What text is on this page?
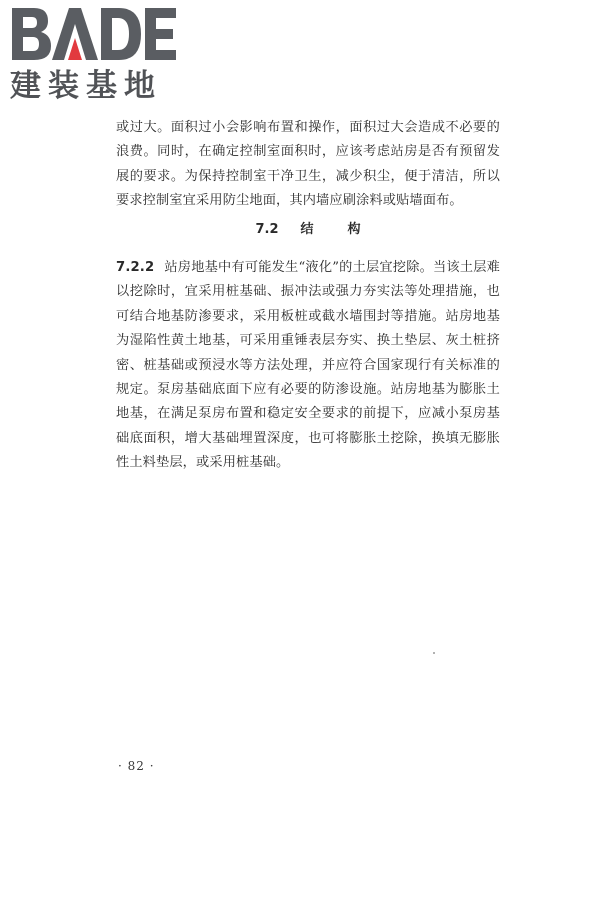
建装基地

或过大。面积过小会影响布置和操作，面积过大会造成不必要的浪费。同时，在确定控制室面积时，应该考虑站房是否有预留发展的要求。为保持控制室干净卫生，减少积尘，便于清洁，所以要求控制室宜采用防尘地面，其内墙应刷涂料或贴墙面布。

7.2 结	构

7.2.2 站房地基中有可能发生“液化”的土层宜挖除。当该土层难以挖除时，宜采用桩基础、振冲法或强力夯实法等处理措施，也可结合地基防渗要求，采用板桩或截水墙围封等措施。站房地基为湿陷性黄土地基，可采用重锤表层夯实、换土垫层、灰土桩挤密、桩基础或预浸水等方法处理，并应符合国家现行有关标准的规定。泵房基础底面下应有必要的防渗设施。站房地基为膨胀土地基，在满足泵房布置和稳定安全要求的前提下，应减小泵房基础底面积，增大基础埋置深度，也可将膨胀土挖除，换填无膨胀性土料垫层，或采用桩基础。

· 82 ·
